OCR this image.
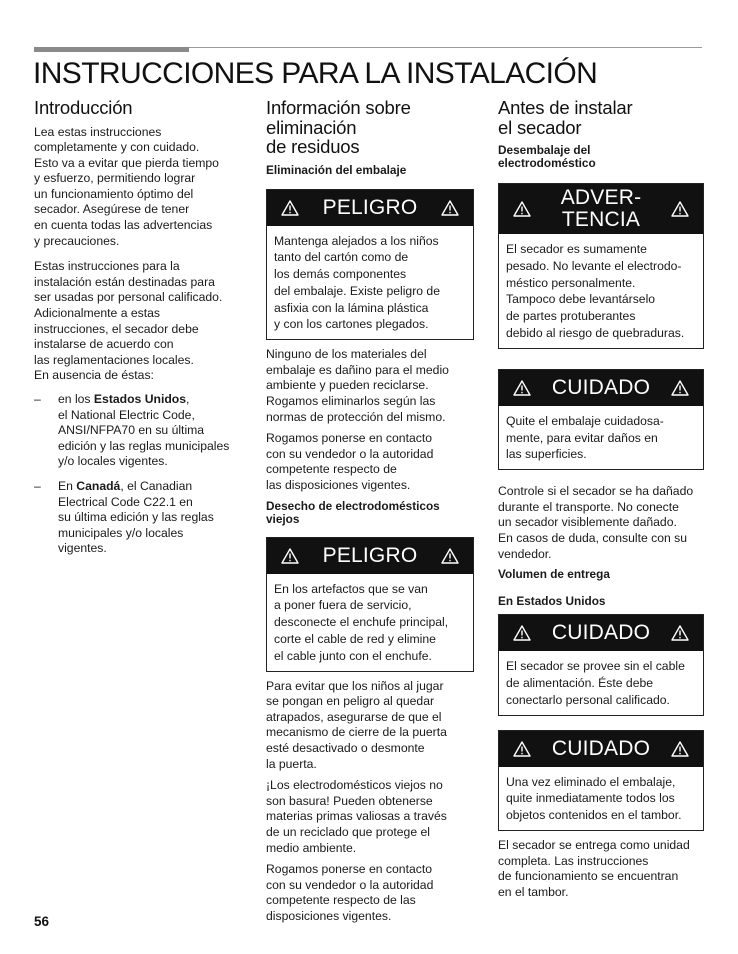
INSTRUCCIONES PARA LA INSTALACIÓN
Introducción

Lea estas instrucciones
completamente y con cuidado.
Esto va a evitar que pierda tiempo
y esfuerzo, permitiendo lograr
un funcionamiento óptimo del
secador. Asegúrese de tener
en cuenta todas las advertencias
y precauciones.

Estas instrucciones para la
instalación están destinadas para
ser usadas por personal calificado.
Adicionalmente a estas
instrucciones, el secador debe
instalarse de acuerdo con
las reglamentaciones locales.
En ausencia de éstas:

– en los Estados Unidos,
el National Electric Code,
ANSI/NFPA70 en su última
edición y las reglas municipales
y/o locales vigentes.
– En Canadá, el Canadian
Electrical Code C22.1 en
su última edición y las reglas
municipales y/o locales
vigentes.
Información sobre
eliminación
de residuos
Eliminación del embalaje
PELIGRO
Mantenga alejados a los niños
tanto del cartón como de
los demás componentes
del embalaje. Existe peligro de
asfixia con la lámina plástica
y con los cartones plegados.

Ninguno de los materiales del
embalaje es dañino para el medio
ambiente y pueden reciclarse.
Rogamos eliminarlos según las
normas de protección del mismo.

Rogamos ponerse en contacto
con su vendedor o la autoridad
competente respecto de
las disposiciones vigentes.

Desecho de electrodomésticos
viejos
PELIGRO
En los artefactos que se van
a poner fuera de servicio,
desconecte el enchufe principal,
corte el cable de red y elimine
el cable junto con el enchufe.

Para evitar que los niños al jugar
se pongan en peligro al quedar
atrapados, asegurarse de que el
mecanismo de cierre de la puerta
esté desactivado o desmonte
la puerta.

¡Los electrodomésticos viejos no
son basura! Pueden obtenerse
materias primas valiosas a través
de un reciclado que protege el
medio ambiente.

Rogamos ponerse en contacto
con su vendedor o la autoridad
competente respecto de las
disposiciones vigentes.

Antes de instalar
el secador
Desembalaje del
electrodoméstico
ADVER-
TENCIA
El secador es sumamente
pesado. No levante el electrodo-
méstico personalmente.
Tampoco debe levantárselo
de partes protuberantes
debido al riesgo de quebraduras.
CUIDADO
Quite el embalaje cuidadosa-
mente, para evitar daños en
las superficies.

Controle si el secador se ha dañado
durante el transporte. No conecte
un secador visiblemente dañado.
En casos de duda, consulte con su
vendedor.

Volumen de entrega
En Estados Unidos
CUIDADO
El secador se provee sin el cable
de alimentación. Éste debe
conectarlo personal calificado.
CUIDADO
Una vez eliminado el embalaje,
quite inmediatamente todos los
objetos contenidos en el tambor.

El secador se entrega como unidad
completa. Las instrucciones
de funcionamiento se encuentran
en el tambor.

56
